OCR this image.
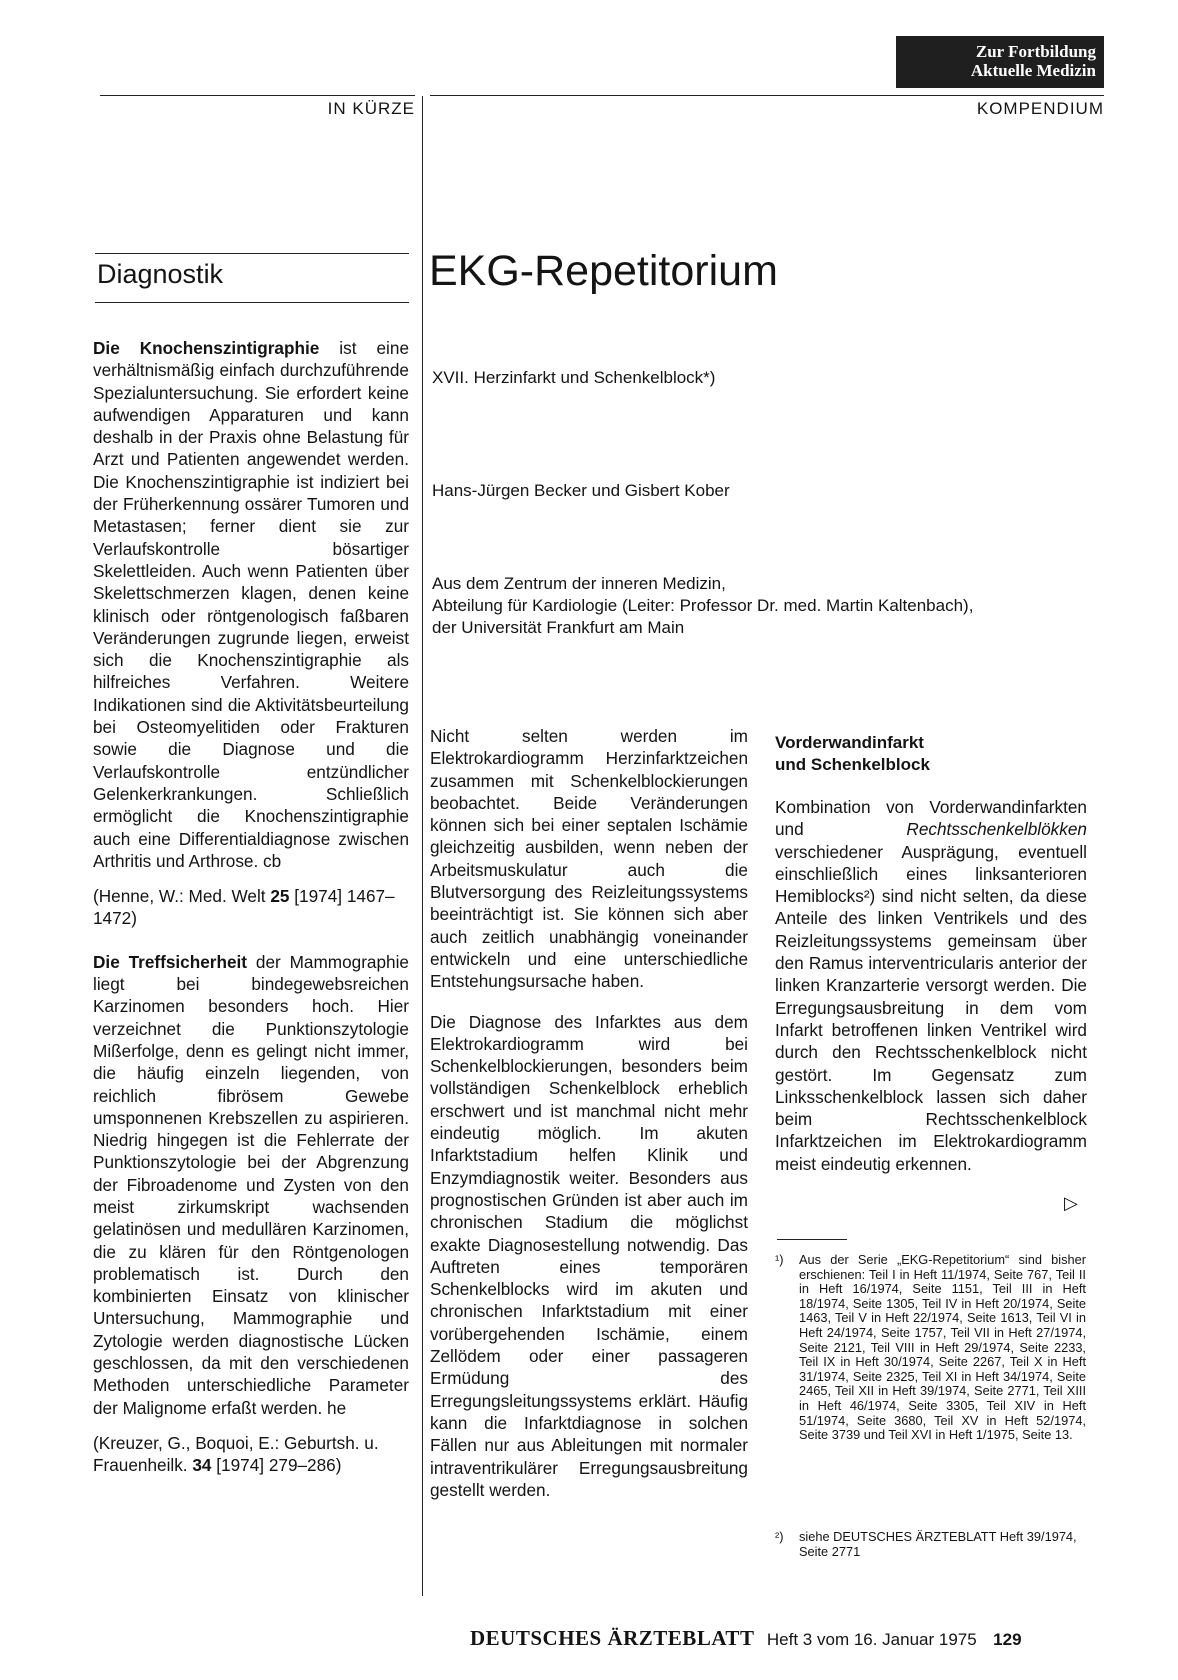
Zur Fortbildung
Aktuelle Medizin
IN KÜRZE	KOMPENDIUM
Diagnostik

Die Knochenszintigraphie ist eine verhältnismäßig einfach durchzuführende Spezialuntersuchung. Sie erfordert keine aufwendigen Apparaturen und kann deshalb in der Praxis ohne Belastung für Arzt und Patienten angewendet werden. Die Knochenszintigraphie ist indiziert bei der Früherkennung ossärer Tumoren und Metastasen; ferner dient sie zur Verlaufskontrolle bösartiger Skelettleiden. Auch wenn Patienten über Skelettschmerzen klagen, denen keine klinisch oder röntgenologisch faßbaren Veränderungen zugrunde liegen, erweist sich die Knochenszintigraphie als hilfreiches Verfahren. Weitere Indikationen sind die Aktivitätsbeurteilung bei Osteomyelitiden oder Frakturen sowie die Diagnose und die Verlaufskontrolle entzündlicher Gelenkerkrankungen. Schließlich ermöglicht die Knochenszintigraphie auch eine Differentialdiagnose zwischen Arthritis und Arthrose. cb

(Henne, W.: Med. Welt 25 [1974] 1467–1472)

Die Treffsicherheit der Mammographie liegt bei bindegewebsreichen Karzinomen besonders hoch. Hier verzeichnet die Punktionszytologie Mißerfolge, denn es gelingt nicht immer, die häufig einzeln liegenden, von reichlich fibrösem Gewebe umsponnenen Krebszellen zu aspirieren. Niedrig hingegen ist die Fehlerrate der Punktionszytologie bei der Abgrenzung der Fibroadenome und Zysten von den meist zirkumskript wachsenden gelatinösen und medullären Karzinomen, die zu klären für den Röntgenologen problematisch ist. Durch den kombinierten Einsatz von klinischer Untersuchung, Mammographie und Zytologie werden diagnostische Lücken geschlossen, da mit den verschiedenen Methoden unterschiedliche Parameter der Malignome erfaßt werden. he

(Kreuzer, G., Boquoi, E.: Geburtsh. u. Frauenheilk. 34 [1974] 279–286)

EKG-Repetitorium
XVII. Herzinfarkt und Schenkelblock*)
Hans-Jürgen Becker und Gisbert Kober
Aus dem Zentrum der inneren Medizin,
Abteilung für Kardiologie (Leiter: Professor Dr. med. Martin Kaltenbach),
der Universität Frankfurt am Main

Nicht selten werden im Elektrokardiogramm Herzinfarktzeichen zusammen mit Schenkelblockierungen beobachtet. Beide Veränderungen können sich bei einer septalen Ischämie gleichzeitig ausbilden, wenn neben der Arbeitsmuskulatur auch die Blutversorgung des Reizleitungssystems beeinträchtigt ist. Sie können sich aber auch zeitlich unabhängig voneinander entwickeln und eine unterschiedliche Entstehungsursache haben.

Die Diagnose des Infarktes aus dem Elektrokardiogramm wird bei Schenkelblockierungen, besonders beim vollständigen Schenkelblock erheblich erschwert und ist manchmal nicht mehr eindeutig möglich. Im akuten Infarktstadium helfen Klinik und Enzymdiagnostik weiter. Besonders aus prognostischen Gründen ist aber auch im chronischen Stadium die möglichst exakte Diagnosestellung notwendig. Das Auftreten eines temporären Schenkelblocks wird im akuten und chronischen Infarktstadium mit einer vorübergehenden Ischämie, einem Zellödem oder einer passageren Ermüdung des Erregungsleitungssystems erklärt. Häufig kann die Infarktdiagnose in solchen Fällen nur aus Ableitungen mit normaler intraventrikulärer Erregungsausbreitung gestellt werden.

Vorderwandinfarkt
und Schenkelblock

Kombination von Vorderwandinfarkten und Rechtsschenkelblökken verschiedener Ausprägung, eventuell einschließlich eines linksanterioren Hemiblocks²) sind nicht selten, da diese Anteile des linken Ventrikels und des Reizleitungssystems gemeinsam über den Ramus interventricularis anterior der linken Kranzarterie versorgt werden. Die Erregungsausbreitung in dem vom Infarkt betroffenen linken Ventrikel wird durch den Rechtsschenkelblock nicht gestört. Im Gegensatz zum Linksschenkelblock lassen sich daher beim Rechtsschenkelblock Infarktzeichen im Elektrokardiogramm meist eindeutig erkennen.

▷
¹)	Aus der Serie „EKG-Repetitorium“ sind bisher erschienen: Teil I in Heft 11/1974, Seite 767, Teil II in Heft 16/1974, Seite 1151, Teil III in Heft 18/1974, Seite 1305, Teil IV in Heft 20/1974, Seite 1463, Teil V in Heft 22/1974, Seite 1613, Teil VI in Heft 24/1974, Seite 1757, Teil VII in Heft 27/1974, Seite 2121, Teil VIII in Heft 29/1974, Seite 2233, Teil IX in Heft 30/1974, Seite 2267, Teil X in Heft 31/1974, Seite 2325, Teil XI in Heft 34/1974, Seite 2465, Teil XII in Heft 39/1974, Seite 2771, Teil XIII in Heft 46/1974, Seite 3305, Teil XIV in Heft 51/1974, Seite 3680, Teil XV in Heft 52/1974, Seite 3739 und Teil XVI in Heft 1/1975, Seite 13.
²)	siehe DEUTSCHES ÄRZTEBLATT Heft 39/1974, Seite 2771
DEUTSCHES ÄRZTEBLATT Heft 3 vom 16. Januar 1975 129
